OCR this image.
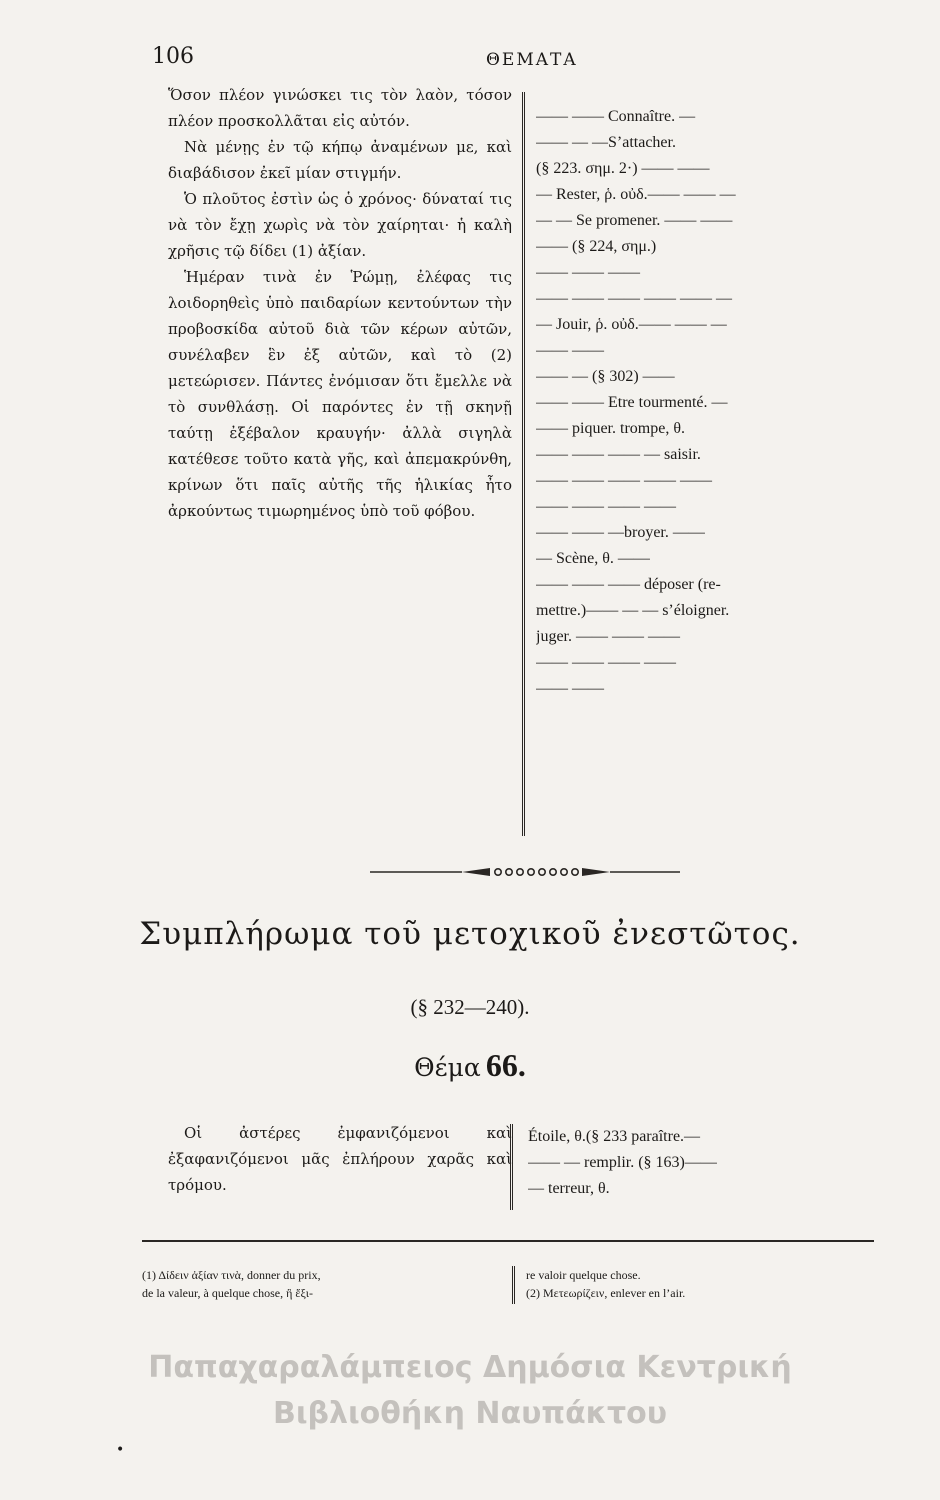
106	ΘΕΜΑΤΑ

Ὅσον πλέον γινώσκει τις τὸν λαὸν, τόσον πλέον προσκολλᾶται εἰς αὐτόν.

Νὰ μένῃς ἐν τῷ κήπῳ ἀναμένων με, καὶ διαβάδισον ἐκεῖ μίαν στιγμήν.

Ὁ πλοῦτος ἐστὶν ὡς ὁ χρόνος· δύναταί τις νὰ τὸν ἔχῃ χωρὶς νὰ τὸν χαίρηται· ἡ καλὴ χρῆσις τῷ δίδει (1) ἀξίαν.

Ἡμέραν τινὰ ἐν Ῥώμῃ, ἐλέφας τις λοιδορηθεὶς ὑπὸ παιδαρίων κεντούντων τὴν προβοσκίδα αὐτοῦ διὰ τῶν κέρων αὐτῶν, συνέλαβεν ἓν ἐξ αὐτῶν, καὶ τὸ (2) μετεώρισεν. Πάντες ἐνόμισαν ὅτι ἔμελλε νὰ τὸ συνθλάσῃ. Οἱ παρόντες ἐν τῇ σκηνῇ ταύτῃ ἐξέβαλον κραυγήν· ἀλλὰ σιγηλὰ κατέθεσε τοῦτο κατὰ γῆς, καὶ ἀπεμακρύνθη, κρίνων ὅτι παῖς αὐτῆς τῆς ἡλικίας ἦτο ἀρκούντως τιμωρημένος ὑπὸ τοῦ φόβου.

—— —— Connaître. —
—— — —S’attacher.
(§ 223. σημ. 2·) —— ——
— Rester, ῥ. οὐδ.—— —— —
— — Se promener. —— ——
—— (§ 224, σημ.)
—— —— ——
—— —— —— —— —— —
— Jouir, ῥ. οὐδ.—— —— —
—— ——
—— — (§ 302) ——
—— —— Etre tourmenté. —
—— piquer. trompe, θ.
—— —— —— — saisir.
—— —— —— —— ——
—— —— —— ——
—— —— —broyer. ——
— Scène, θ. ——
—— —— —— déposer (re-
mettre.)—— — — s’éloigner.
juger. —— —— ——
—— —— —— ——
—— ——
Συμπλήρωμα τοῦ μετοχικοῦ ἐνεστῶτος.
(§ 232—240).
Θέμα 66.

Οἱ ἀστέρες ἐμφανιζόμενοι καὶ ἐξαφανιζόμενοι μᾶς ἐπλήρουν χαρᾶς καὶ τρόμου.

Étoile, θ.(§ 233 paraître.—
—— — remplir. (§ 163)——
— terreur, θ.
(1) Δίδειν ἀξίαν τινὰ, donner du prix,
de la valeur, à quelque chose, ἢ ἔξι-
re valoir quelque chose.
(2) Μετεωρίζειν, enlever en l’air.
Παπαχαραλάμπειος Δημόσια Κεντρική
Βιβλιοθήκη Ναυπάκτου
•
